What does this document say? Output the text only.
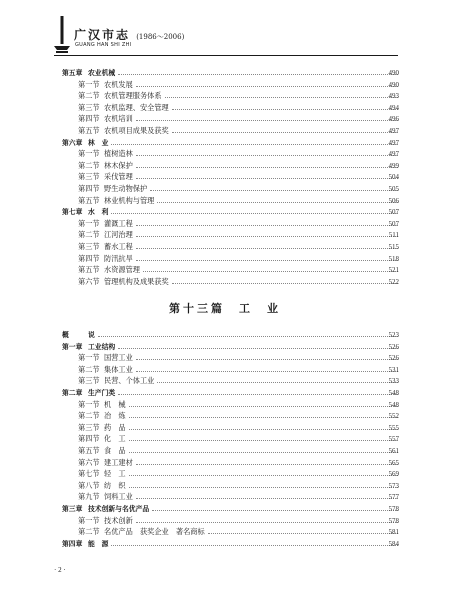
广汉市志 (1986～2006)
GUANG HAN SHI ZHI
第五章 农业机械	490
第一节 农机发展	490
第二节 农机管理服务体系	493
第三节 农机监理、安全管理	494
第四节 农机培训	496
第五节 农机项目成果及获奖	497
第六章 林　业	497
第一节 植树造林	497
第二节 林木保护	499
第三节 采伐管理	504
第四节 野生动物保护	505
第五节 林业机构与管理	506
第七章 水　利	507
第一节 灌溉工程	507
第二节 江河治理	511
第三节 蓄水工程	515
第四节 防汛抗旱	518
第五节 水资源管理	521
第六节 管理机构及成果获奖	522
概	说	523
第一章 工业结构	526
第一节 国营工业	526
第二节 集体工业	531
第三节 民营、个体工业	533
第二章 生产门类	548
第一节 机　械	548
第二节 冶　炼	552
第三节 药　品	555
第四节 化　工	557
第五节 食　品	561
第六节 建工建材	565
第七节 轻　工	569
第八节 纺　织	573
第九节 饲料工业	577
第三章 技术创新与名优产品	578
第一节 技术创新	578
第二节 名优产品　获奖企业　著名商标	581
第四章 能　源	584
第十三篇　工　业
· 2 ·
